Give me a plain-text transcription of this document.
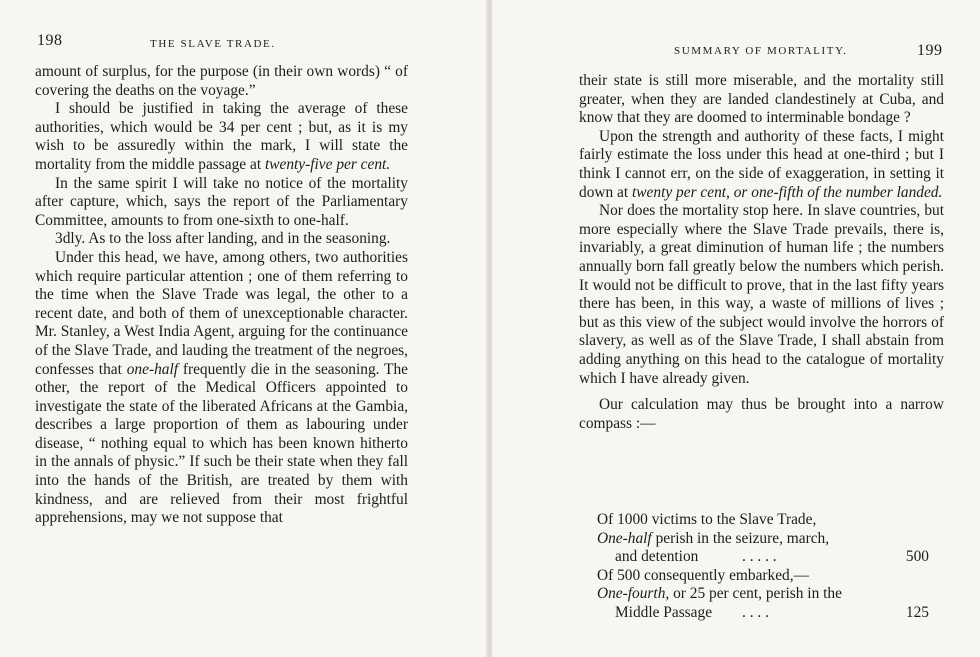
198	THE SLAVE TRADE.

amount of surplus, for the purpose (in their own words) “ of covering the deaths on the voyage.”

I should be justified in taking the average of these authorities, which would be 34 per cent ; but, as it is my wish to be assuredly within the mark, I will state the mortality from the middle passage at twenty-five per cent.

In the same spirit I will take no notice of the mortality after capture, which, says the report of the Parliamentary Committee, amounts to from one-sixth to one-half.

3dly. As to the loss after landing, and in the seasoning.

Under this head, we have, among others, two authorities which require particular attention ; one of them referring to the time when the Slave Trade was legal, the other to a recent date, and both of them of unexceptionable character. Mr. Stanley, a West India Agent, arguing for the continuance of the Slave Trade, and lauding the treatment of the negroes, confesses that one-half frequently die in the seasoning. The other, the report of the Medical Officers appointed to investigate the state of the liberated Africans at the Gambia, describes a large proportion of them as labouring under disease, “ nothing equal to which has been known hitherto in the annals of physic.” If such be their state when they fall into the hands of the British, are treated by them with kindness, and are relieved from their most frightful apprehensions, may we not suppose that

SUMMARY OF MORTALITY.	199

their state is still more miserable, and the mortality still greater, when they are landed clandestinely at Cuba, and know that they are doomed to interminable bondage ?

Upon the strength and authority of these facts, I might fairly estimate the loss under this head at one-third ; but I think I cannot err, on the side of exaggeration, in setting it down at twenty per cent, or one-fifth of the number landed.

Nor does the mortality stop here. In slave countries, but more especially where the Slave Trade prevails, there is, invariably, a great diminution of human life ; the numbers annually born fall greatly below the numbers which perish. It would not be difficult to prove, that in the last fifty years there has been, in this way, a waste of millions of lives ; but as this view of the subject would involve the horrors of slavery, as well as of the Slave Trade, I shall abstain from adding anything on this head to the catalogue of mortality which I have already given.

Our calculation may thus be brought into a narrow compass :—

Of 1000 victims to the Slave Trade,
One-half perish in the seizure, march,
and detention	. . . . .	500
Of 500 consequently embarked,—
One-fourth, or 25 per cent, perish in the
Middle Passage . . . .	125
